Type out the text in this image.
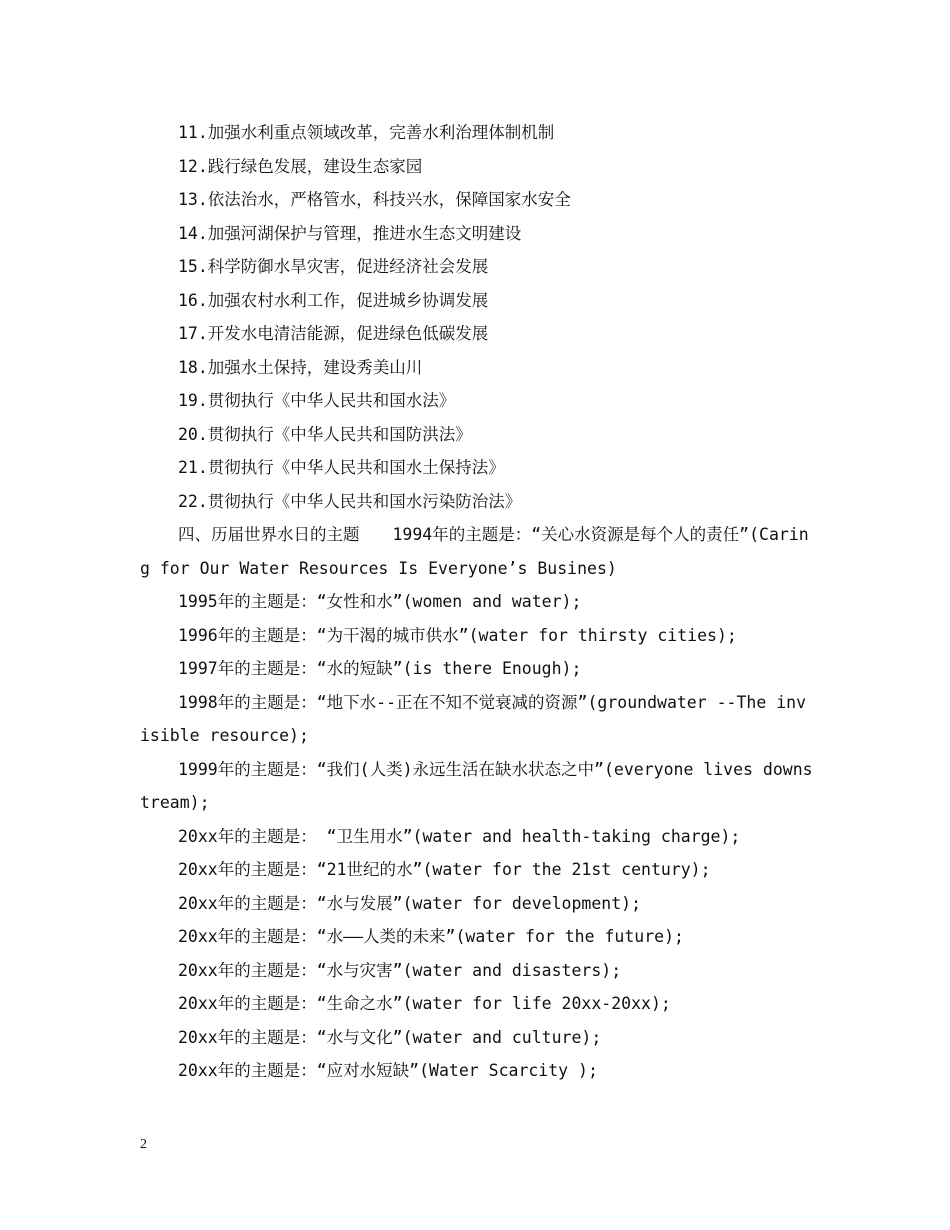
11.加强水利重点领域改革，完善水利治理体制机制

12.践行绿色发展，建设生态家园

13.依法治水，严格管水，科技兴水，保障国家水安全

14.加强河湖保护与管理，推进水生态文明建设

15.科学防御水旱灾害，促进经济社会发展

16.加强农村水利工作，促进城乡协调发展

17.开发水电清洁能源，促进绿色低碳发展

18.加强水土保持，建设秀美山川

19.贯彻执行《中华人民共和国水法》

20.贯彻执行《中华人民共和国防洪法》

21.贯彻执行《中华人民共和国水土保持法》

22.贯彻执行《中华人民共和国水污染防治法》

四、历届世界水日的主题　　1994年的主题是：“关心水资源是每个人的责任”(Caring for Our Water Resources Is Everyone’s Busines)

1995年的主题是：“女性和水”(women and water);

1996年的主题是：“为干渴的城市供水”(water for thirsty cities);

1997年的主题是：“水的短缺”(is there Enough);

1998年的主题是：“地下水--正在不知不觉衰减的资源”(groundwater --The invisible resource);

1999年的主题是：“我们(人类)永远生活在缺水状态之中”(everyone lives downstream);

20xx年的主题是： “卫生用水”(water and health-taking charge);

20xx年的主题是：“21世纪的水”(water for the 21st century);

20xx年的主题是：“水与发展”(water for development);

20xx年的主题是：“水——人类的未来”(water for the future);

20xx年的主题是：“水与灾害”(water and disasters);

20xx年的主题是：“生命之水”(water for life 20xx-20xx);

20xx年的主题是：“水与文化”(water and culture);

20xx年的主题是：“应对水短缺”(Water Scarcity );

2
